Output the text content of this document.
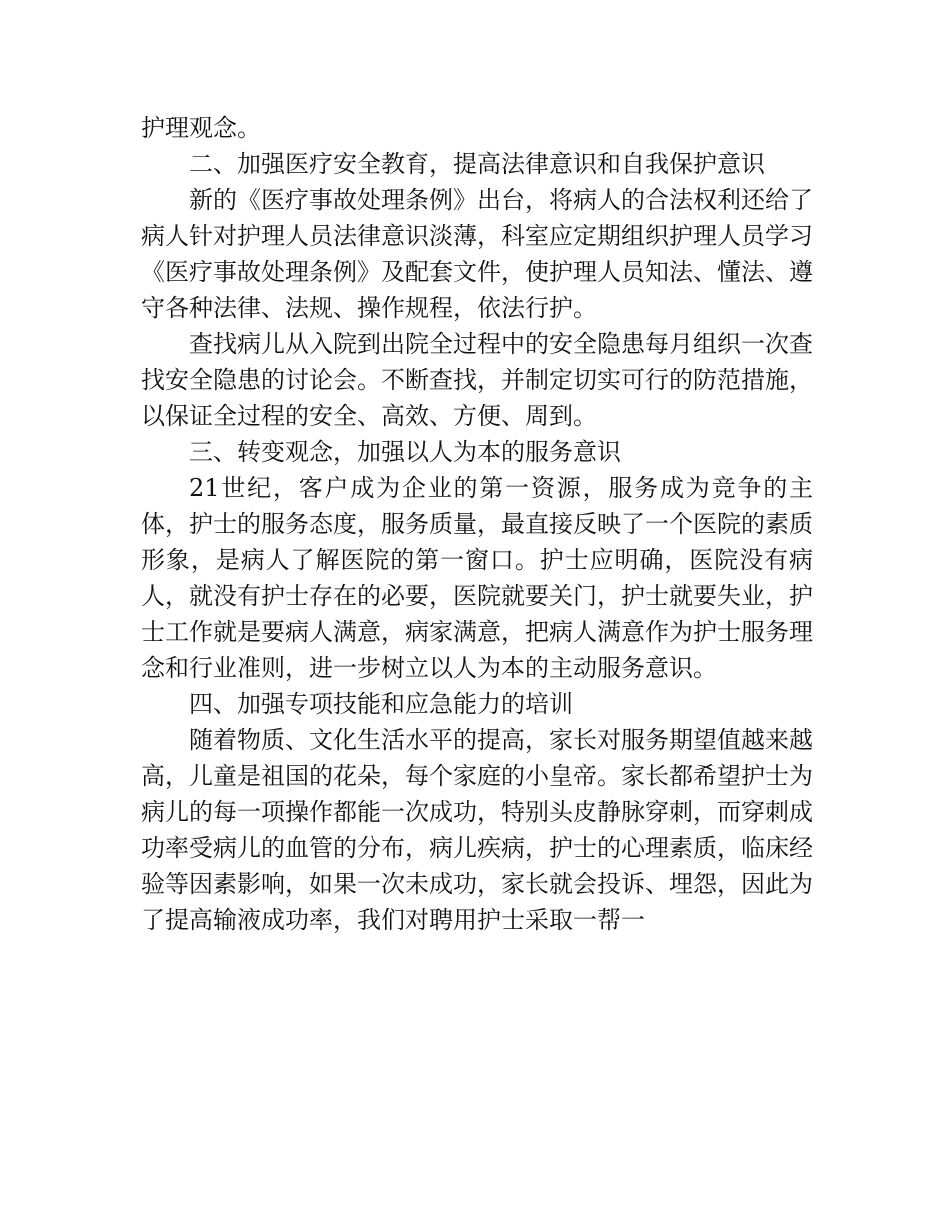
护理观念。

二、加强医疗安全教育，提高法律意识和自我保护意识

新的《医疗事故处理条例》出台，将病人的合法权利还给了病人针对护理人员法律意识淡薄，科室应定期组织护理人员学习《医疗事故处理条例》及配套文件，使护理人员知法、懂法、遵守各种法律、法规、操作规程，依法行护。

查找病儿从入院到出院全过程中的安全隐患每月组织一次查找安全隐患的讨论会。不断查找，并制定切实可行的防范措施，以保证全过程的安全、高效、方便、周到。

三、转变观念，加强以人为本的服务意识

21世纪，客户成为企业的第一资源，服务成为竞争的主体，护士的服务态度，服务质量，最直接反映了一个医院的素质形象，是病人了解医院的第一窗口。护士应明确，医院没有病人，就没有护士存在的必要，医院就要关门，护士就要失业，护士工作就是要病人满意，病家满意，把病人满意作为护士服务理念和行业准则，进一步树立以人为本的主动服务意识。

四、加强专项技能和应急能力的培训

随着物质、文化生活水平的提高，家长对服务期望值越来越高，儿童是祖国的花朵，每个家庭的小皇帝。家长都希望护士为病儿的每一项操作都能一次成功，特别头皮静脉穿刺，而穿刺成功率受病儿的血管的分布，病儿疾病，护士的心理素质，临床经验等因素影响，如果一次未成功，家长就会投诉、埋怨，因此为了提高输液成功率，我们对聘用护士采取一帮一
